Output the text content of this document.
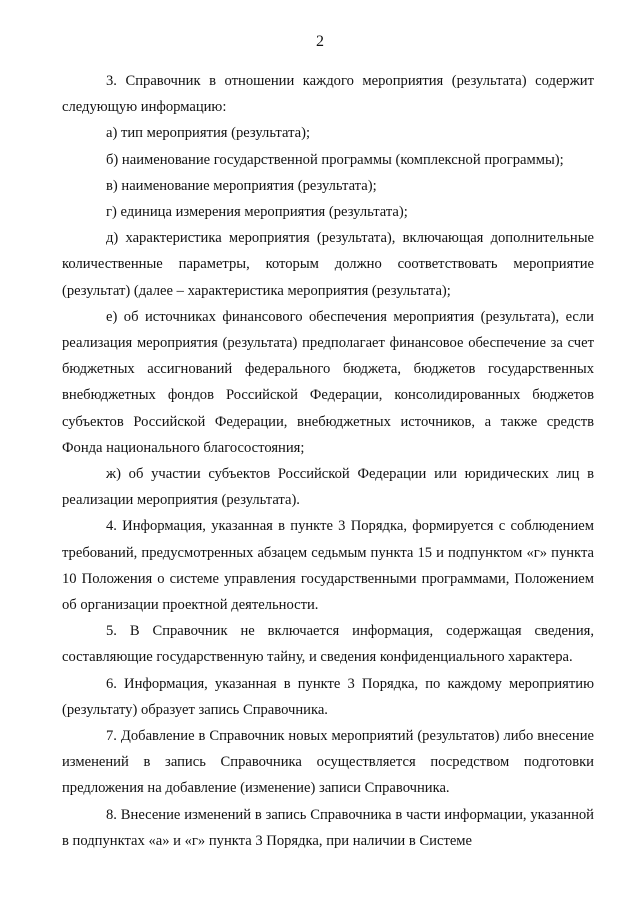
2

3. Справочник в отношении каждого мероприятия (результата) содержит следующую информацию:

а) тип мероприятия (результата);

б) наименование государственной программы (комплексной программы);

в) наименование мероприятия (результата);

г) единица измерения мероприятия (результата);

д) характеристика мероприятия (результата), включающая дополнительные количественные параметры, которым должно соответствовать мероприятие (результат) (далее – характеристика мероприятия (результата);

е) об источниках финансового обеспечения мероприятия (результата), если реализация мероприятия (результата) предполагает финансовое обеспечение за счет бюджетных ассигнований федерального бюджета, бюджетов государственных внебюджетных фондов Российской Федерации, консолидированных бюджетов субъектов Российской Федерации, внебюджетных источников, а также средств Фонда национального благосостояния;

ж) об участии субъектов Российской Федерации или юридических лиц в реализации мероприятия (результата).

4. Информация, указанная в пункте 3 Порядка, формируется с соблюдением требований, предусмотренных абзацем седьмым пункта 15 и подпунктом «г» пункта 10 Положения о системе управления государственными программами, Положением об организации проектной деятельности.

5. В Справочник не включается информация, содержащая сведения, составляющие государственную тайну, и сведения конфиденциального характера.

6. Информация, указанная в пункте 3 Порядка, по каждому мероприятию (результату) образует запись Справочника.

7. Добавление в Справочник новых мероприятий (результатов) либо внесение изменений в запись Справочника осуществляется посредством подготовки предложения на добавление (изменение) записи Справочника.

8. Внесение изменений в запись Справочника в части информации, указанной в подпунктах «а» и «г» пункта 3 Порядка, при наличии в Системе
